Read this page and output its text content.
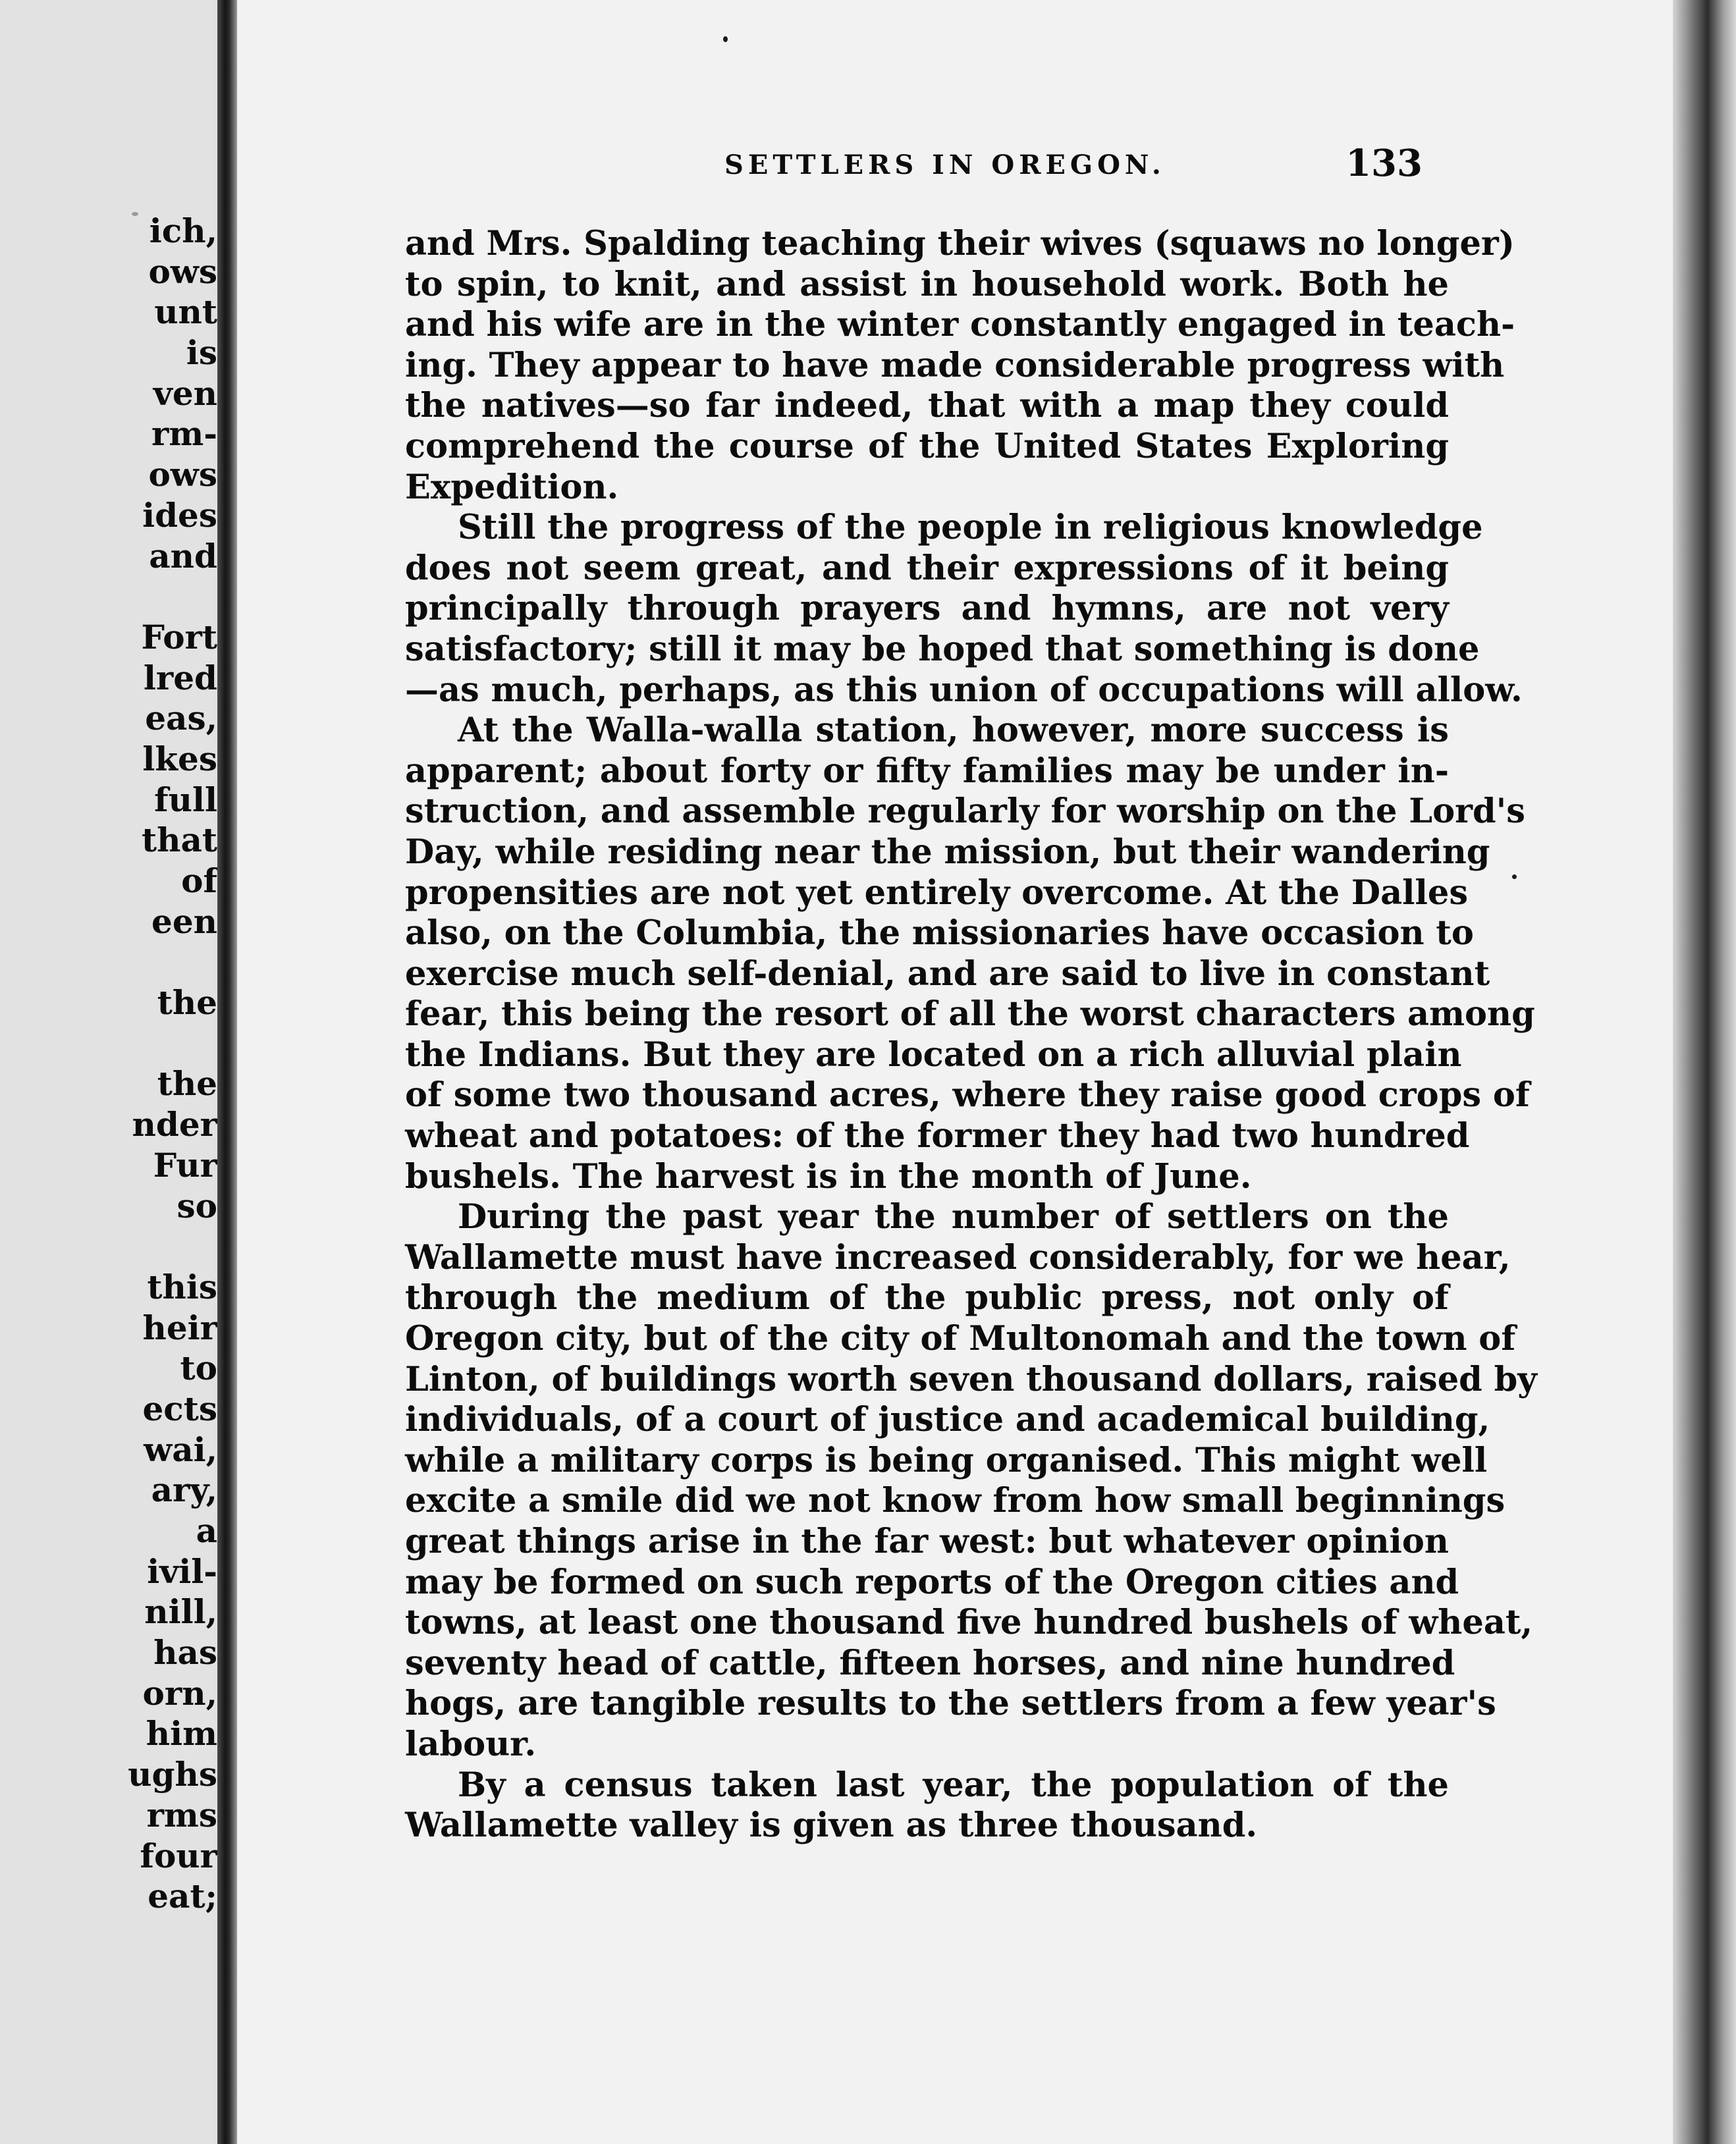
ich,
ows
unt
is
ven
rm-
ows
ides
and
Fort
lred
eas,
lkes
full
that
of
een
the
the
nder
Fur
so
this
heir
to
ects
wai,
ary,
a
ivil-
nill,
has
orn,
him
ughs
rms
four
eat;
SETTLERS IN OREGON.	133
and Mrs. Spalding teaching their wives (squaws no longer)
to spin, to knit, and assist in household work. Both he
and his wife are in the winter constantly engaged in teach-
ing. They appear to have made considerable progress with
the natives—so far indeed, that with a map they could
comprehend the course of the United States Exploring
Expedition.
Still the progress of the people in religious knowledge
does not seem great, and their expressions of it being
principally through prayers and hymns, are not very
satisfactory; still it may be hoped that something is done
—as much, perhaps, as this union of occupations will allow.
At the Walla-walla station, however, more success is
apparent; about forty or fifty families may be under in-
struction, and assemble regularly for worship on the Lord's
Day, while residing near the mission, but their wandering
propensities are not yet entirely overcome. At the Dalles
also, on the Columbia, the missionaries have occasion to
exercise much self-denial, and are said to live in constant
fear, this being the resort of all the worst characters among
the Indians. But they are located on a rich alluvial plain
of some two thousand acres, where they raise good crops of
wheat and potatoes: of the former they had two hundred
bushels. The harvest is in the month of June.
During the past year the number of settlers on the
Wallamette must have increased considerably, for we hear,
through the medium of the public press, not only of
Oregon city, but of the city of Multonomah and the town of
Linton, of buildings worth seven thousand dollars, raised by
individuals, of a court of justice and academical building,
while a military corps is being organised. This might well
excite a smile did we not know from how small beginnings
great things arise in the far west: but whatever opinion
may be formed on such reports of the Oregon cities and
towns, at least one thousand five hundred bushels of wheat,
seventy head of cattle, fifteen horses, and nine hundred
hogs, are tangible results to the settlers from a few year's
labour.
By a census taken last year, the population of the
Wallamette valley is given as three thousand.
